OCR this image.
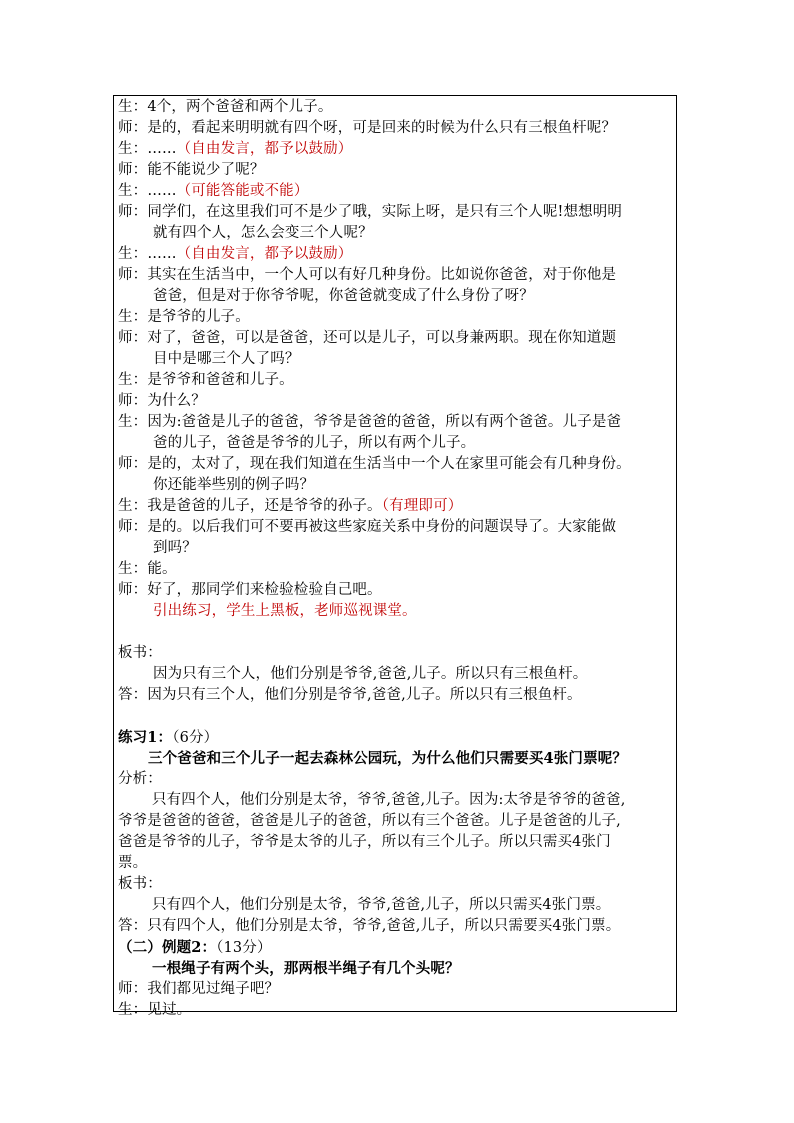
生：4个，两个爸爸和两个儿子。
师：是的，看起来明明就有四个呀，可是回来的时候为什么只有三根鱼杆呢？
生：……（自由发言，都予以鼓励）
师：能不能说少了呢？
生：……（可能答能或不能）
师：同学们，在这里我们可不是少了哦，实际上呀，是只有三个人呢!想想明明
就有四个人，怎么会变三个人呢？
生：……（自由发言，都予以鼓励）
师：其实在生活当中，一个人可以有好几种身份。比如说你爸爸，对于你他是
爸爸，但是对于你爷爷呢，你爸爸就变成了什么身份了呀？
生：是爷爷的儿子。
师：对了，爸爸，可以是爸爸，还可以是儿子，可以身兼两职。现在你知道题
目中是哪三个人了吗？
生：是爷爷和爸爸和儿子。
师：为什么？
生：因为:爸爸是儿子的爸爸，爷爷是爸爸的爸爸，所以有两个爸爸。儿子是爸
爸的儿子，爸爸是爷爷的儿子，所以有两个儿子。
师：是的，太对了，现在我们知道在生活当中一个人在家里可能会有几种身份。
你还能举些别的例子吗？
生：我是爸爸的儿子，还是爷爷的孙子。（有理即可）
师：是的。以后我们可不要再被这些家庭关系中身份的问题误导了。大家能做
到吗？
生：能。
师：好了，那同学们来检验检验自己吧。
引出练习，学生上黑板，老师巡视课堂。
板书：
因为只有三个人，他们分别是爷爷,爸爸,儿子。所以只有三根鱼杆。
答：因为只有三个人，他们分别是爷爷,爸爸,儿子。所以只有三根鱼杆。
练习1：（6分）
三个爸爸和三个儿子一起去森林公园玩，为什么他们只需要买4张门票呢？
分析：
只有四个人，他们分别是太爷，爷爷,爸爸,儿子。因为:太爷是爷爷的爸爸,
爷爷是爸爸的爸爸，爸爸是儿子的爸爸，所以有三个爸爸。儿子是爸爸的儿子,
爸爸是爷爷的儿子，爷爷是太爷的儿子，所以有三个儿子。所以只需买4张门
票。
板书：
只有四个人，他们分别是太爷，爷爷,爸爸,儿子，所以只需买4张门票。
答：只有四个人，他们分别是太爷，爷爷,爸爸,儿子，所以只需要买4张门票。
（二）例题2：（13分）
一根绳子有两个头，那两根半绳子有几个头呢？
师：我们都见过绳子吧？
生：见过。
